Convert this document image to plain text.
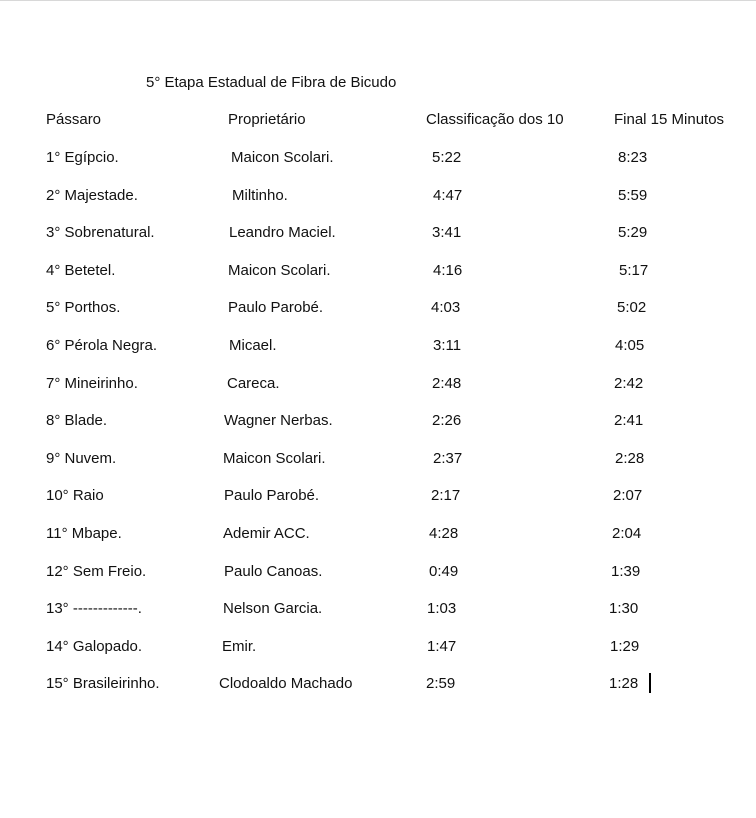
5° Etapa Estadual de Fibra de Bicudo
Pássaro	Proprietário	Classificação dos 10	Final 15 Minutos
1° Egípcio.	Maicon Scolari.	5:22	8:23
2° Majestade.	Miltinho.	4:47	5:59
3° Sobrenatural.	Leandro Maciel.	3:41	5:29
4° Betetel.	Maicon Scolari.	4:16	5:17
5° Porthos.	Paulo Parobé.	4:03	5:02
6° Pérola Negra.	Micael.	3:11	4:05
7° Mineirinho.	Careca.	2:48	2:42
8° Blade.	Wagner Nerbas.	2:26	2:41
9° Nuvem.	Maicon Scolari.	2:37	2:28
10° Raio	Paulo Parobé.	2:17	2:07
11° Mbape.	Ademir ACC.	4:28	2:04
12° Sem Freio.	Paulo Canoas.	0:49	1:39
13° -------------.	Nelson Garcia.	1:03	1:30
14° Galopado.	Emir.	1:47	1:29
15° Brasileirinho.	Clodoaldo Machado	2:59	1:28
